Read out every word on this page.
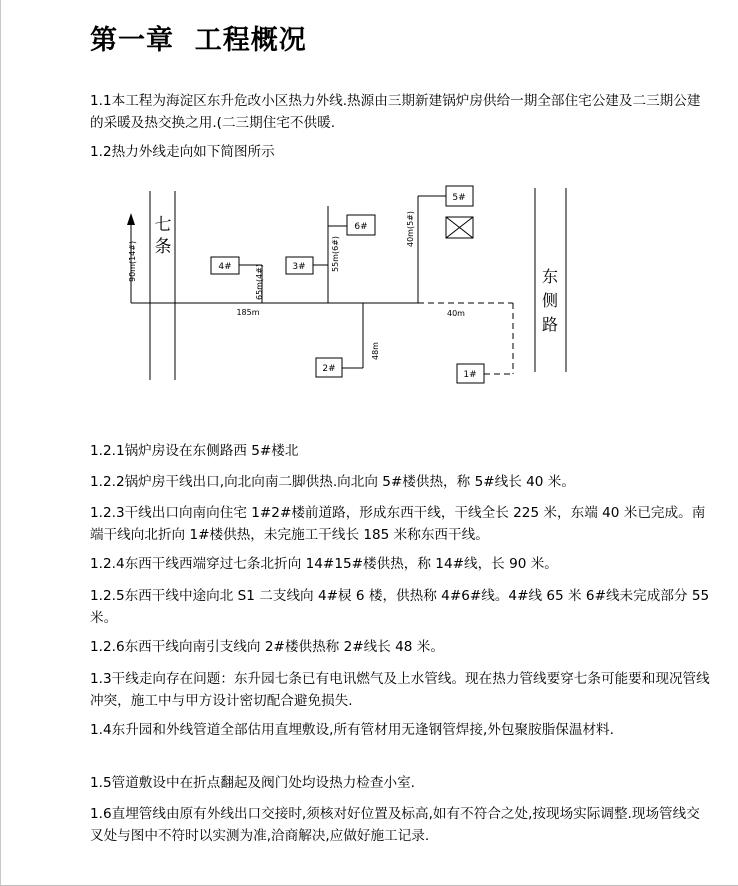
第一章  工程概况

1.1本工程为海淀区东升危改小区热力外线.热源由三期新建锅炉房供给一期全部住宅公建及二三期公建的采暖及热交换之用.(二三期住宅不供暖.

1.2热力外线走向如下简图所示

90m(14#)
七
条
185m	40m
4#	65m(4#)	3#
6#
55m(6#)
5#
40m(5#)
2#
48m
1#
东
侧
路

1.2.1锅炉房设在东侧路西 5#楼北

1.2.2锅炉房干线出口,向北向南二脚供热.向北向 5#楼供热，称 5#线长 40 米。

1.2.3干线出口向南向住宅 1#2#楼前道路，形成东西干线，干线全长 225 米，东端 40 米已完成。南端干线向北折向 1#楼供热，未完施工干线长 185 米称东西干线。

1.2.4东西干线西端穿过七条北折向 14#15#楼供热，称 14#线，长 90 米。

1.2.5东西干线中途向北 S1 二支线向 4#棂 6 楼，供热称 4#6#线。4#线 65 米 6#线未完成部分 55 米。

1.2.6东西干线向南引支线向 2#楼供热称 2#线长 48 米。

1.3干线走向存在问题：东升园七条已有电讯燃气及上水管线。现在热力管线要穿七条可能要和现况管线冲突，施工中与甲方设计密切配合避免损失.

1.4东升园和外线管道全部估用直埋敷设,所有管材用无逢钢管焊接,外包聚胺脂保温材料.

1.5管道敷设中在折点翻起及阀门处均设热力检查小室.

1.6直埋管线由原有外线出口交接时,须核对好位置及标高,如有不符合之处,按现场实际调整.现场管线交叉处与图中不符时以实测为准,洽商解决,应做好施工记录.
